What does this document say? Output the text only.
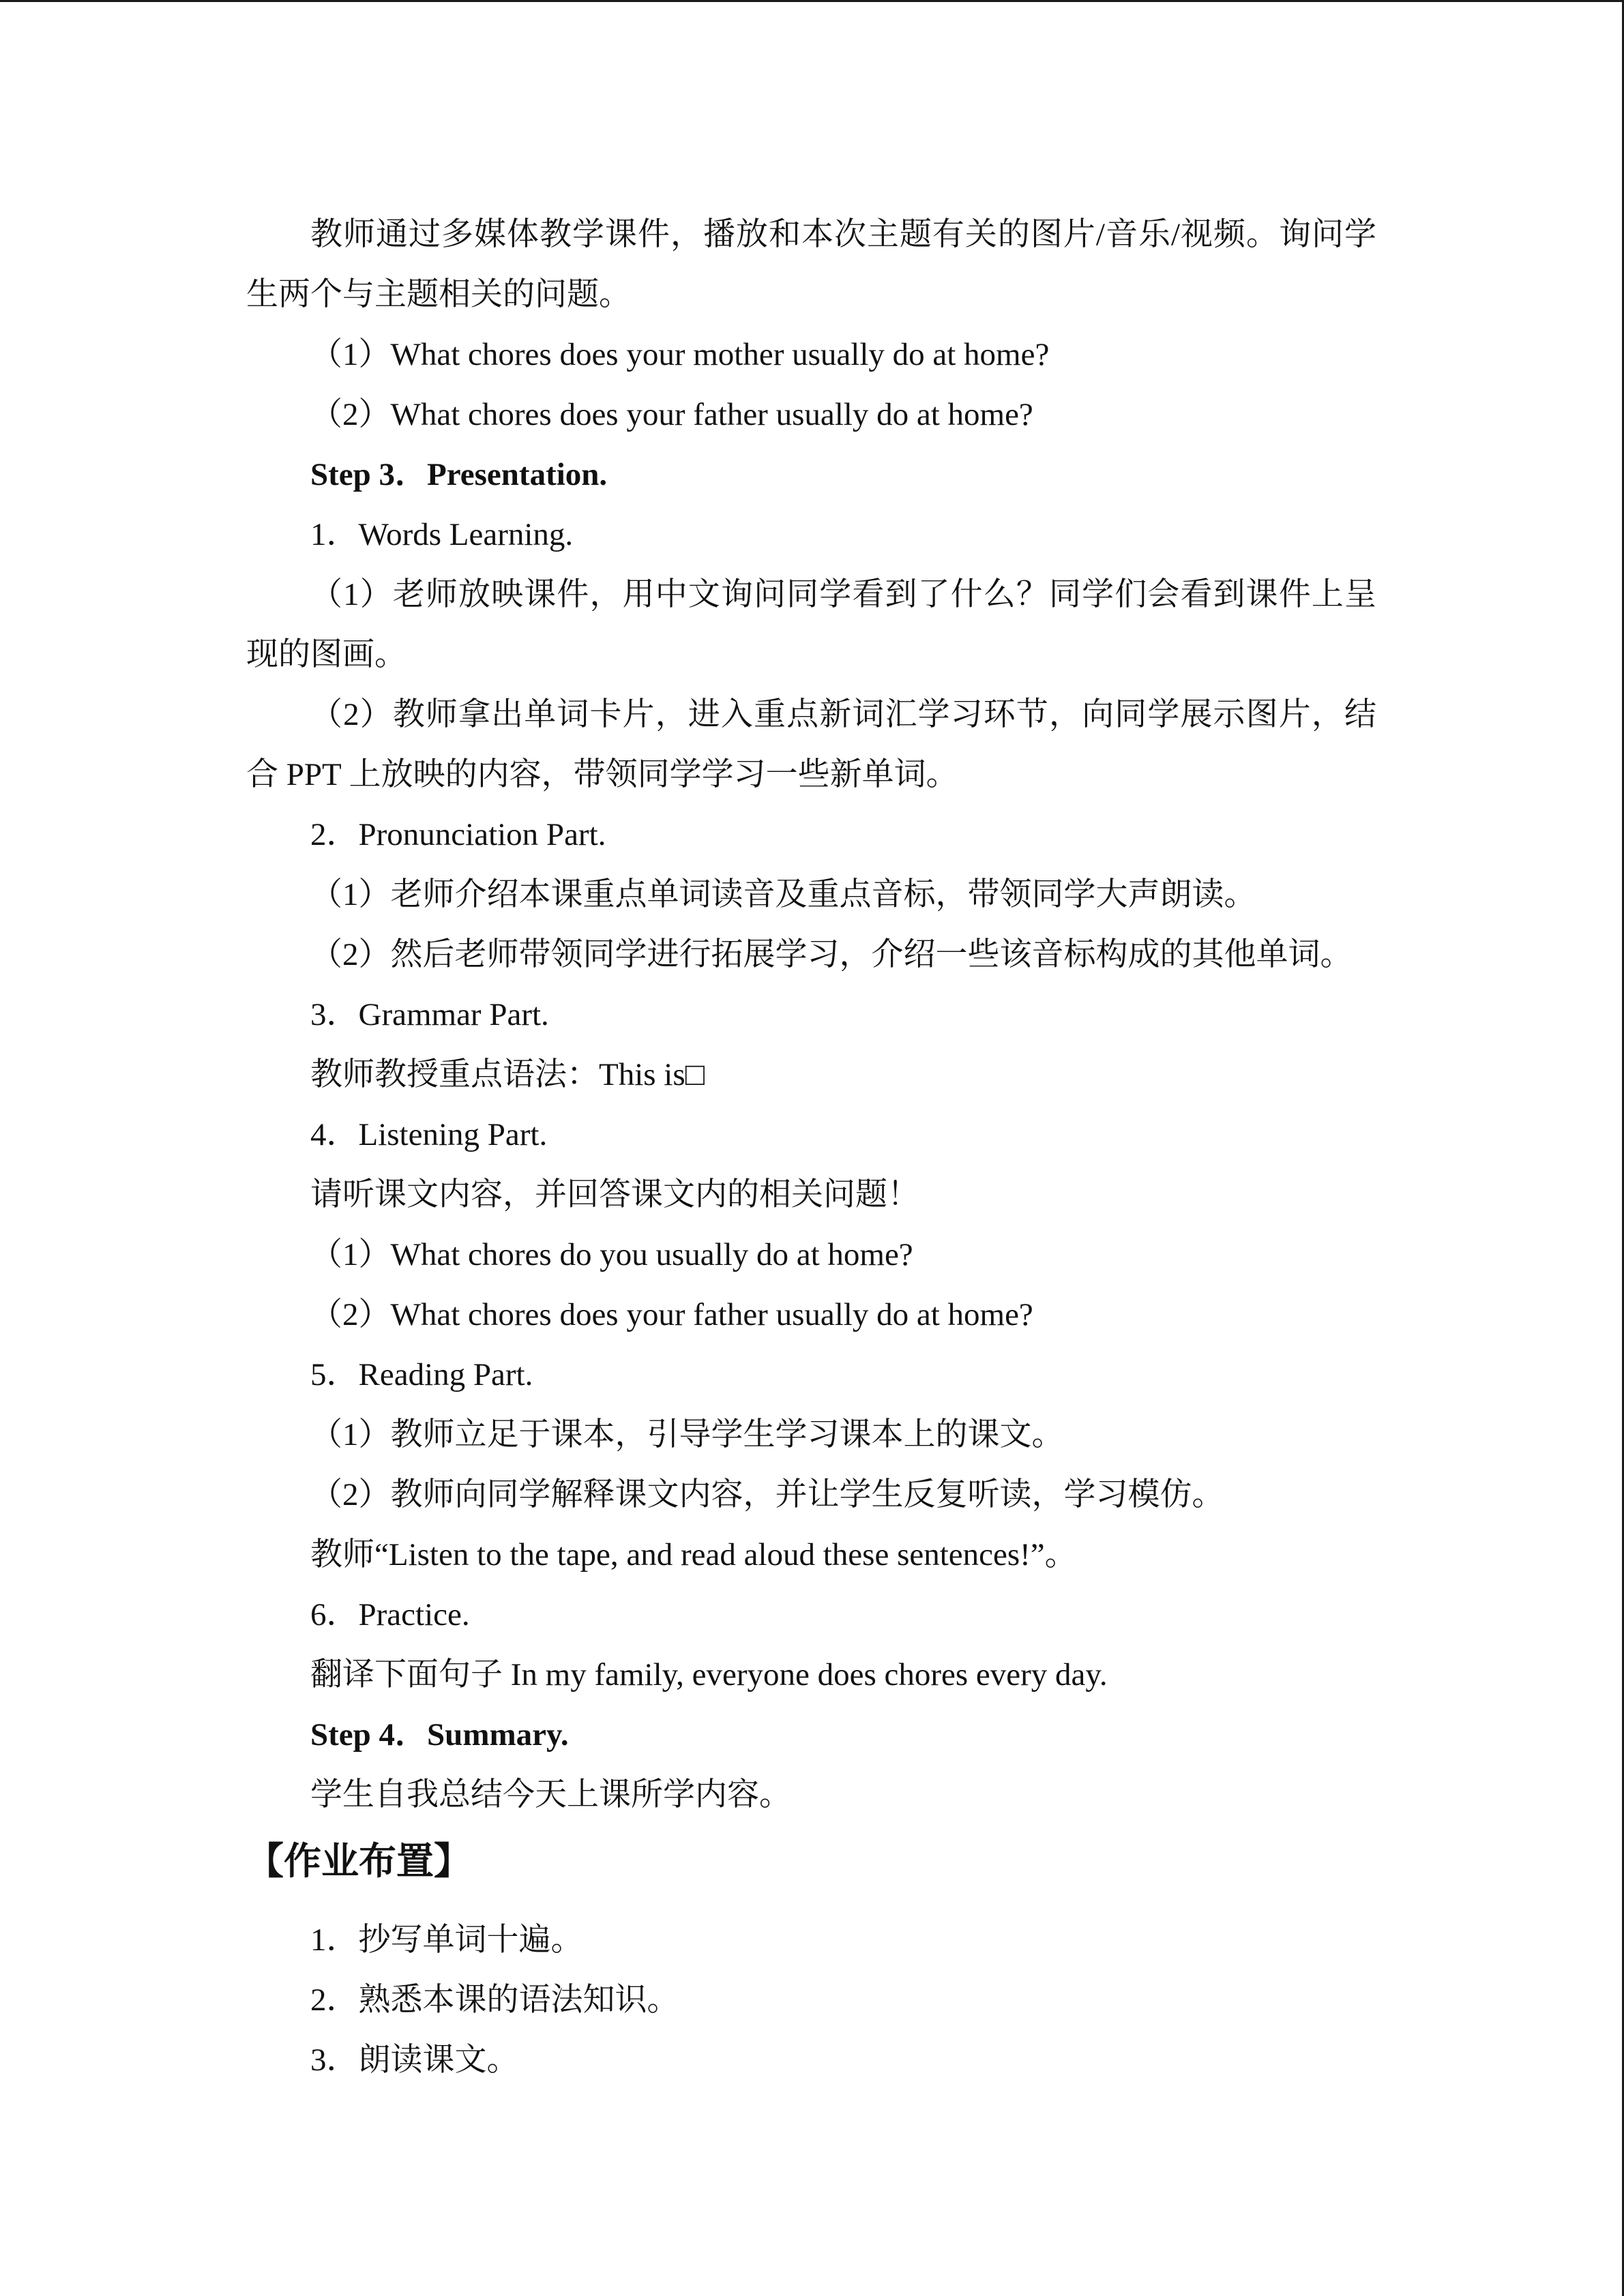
教师通过多媒体教学课件，播放和本次主题有关的图片/音乐/视频。询问学
生两个与主题相关的问题。
（1）What chores does your mother usually do at home?
（2）What chores does your father usually do at home?
Step 3．Presentation.
1．Words Learning.
（1）老师放映课件，用中文询问同学看到了什么？同学们会看到课件上呈
现的图画。
（2）教师拿出单词卡片，进入重点新词汇学习环节，向同学展示图片，结
合 PPT 上放映的内容，带领同学学习一些新单词。
2．Pronunciation Part.
（1）老师介绍本课重点单词读音及重点音标，带领同学大声朗读。
（2）然后老师带领同学进行拓展学习，介绍一些该音标构成的其他单词。
3．Grammar Part.
教师教授重点语法：This is□
4．Listening Part.
请听课文内容，并回答课文内的相关问题！
（1）What chores do you usually do at home?
（2）What chores does your father usually do at home?
5．Reading Part.
（1）教师立足于课本，引导学生学习课本上的课文。
（2）教师向同学解释课文内容，并让学生反复听读，学习模仿。
教师“Listen to the tape, and read aloud these sentences!”。
6．Practice.
翻译下面句子 In my family, everyone does chores every day.
Step 4．Summary.
学生自我总结今天上课所学内容。
【作业布置】
1．抄写单词十遍。
2．熟悉本课的语法知识。
3．朗读课文。
